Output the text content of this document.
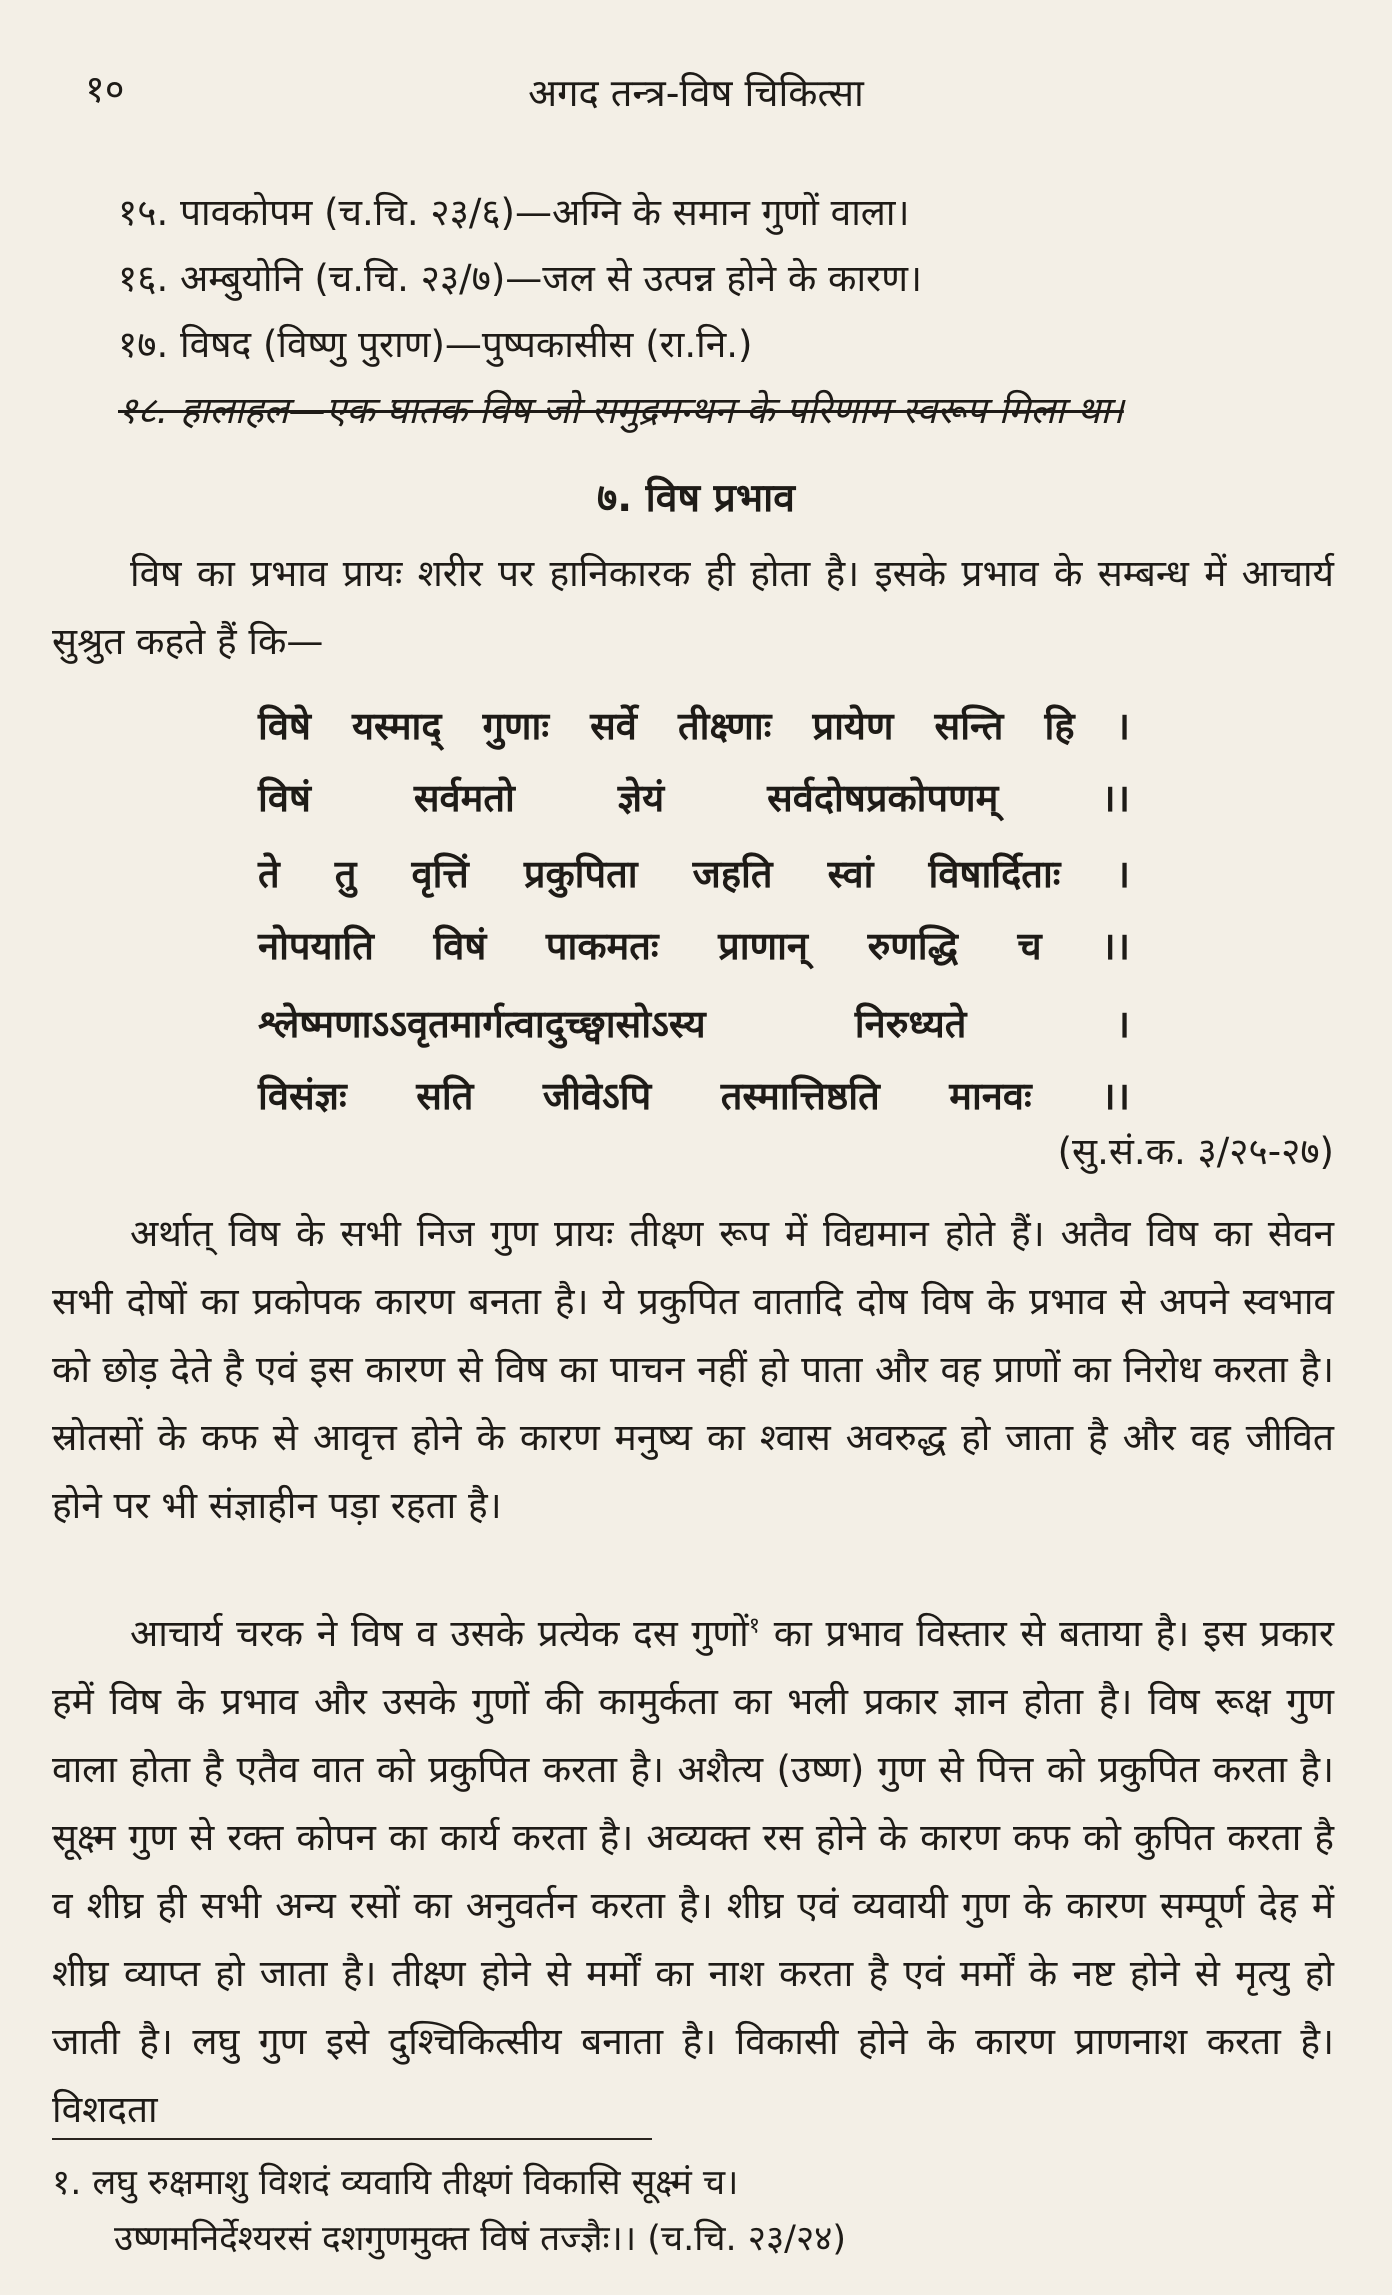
१०	अगद तन्त्र-विष चिकित्सा
१५. पावकोपम (च.चि. २३/६)—अग्नि के समान गुणों वाला।
१६. अम्बुयोनि (च.चि. २३/७)—जल से उत्पन्न होने के कारण।
१७. विषद (विष्णु पुराण)—पुष्पकासीस (रा.नि.)
१८. हालाहल—एक घातक विष जो समुद्रमन्थन के परिणाम स्वरूप मिला था।
७. विष प्रभाव

विष का प्रभाव प्रायः शरीर पर हानिकारक ही होता है। इसके प्रभाव के सम्बन्ध में आचार्य सुश्रुत कहते हैं कि—

विषे यस्माद् गुणाः सर्वे तीक्ष्णाः प्रायेण सन्ति हि ।
विषं सर्वमतो ज्ञेयं सर्वदोषप्रकोपणम् ।।
ते तु वृत्तिं प्रकुपिता जहति स्वां विषार्दिताः ।
नोपयाति विषं पाकमतः प्राणान् रुणद्धि च ।।
श्लेष्मणाऽऽवृतमार्गत्वादुच्छ्वासोऽस्य निरुध्यते ।
विसंज्ञः सति जीवेऽपि तस्मात्तिष्ठति मानवः ।।
(सु.सं.क. ३/२५-२७)

अर्थात् विष के सभी निज गुण प्रायः तीक्ष्ण रूप में विद्यमान होते हैं। अतैव विष का सेवन सभी दोषों का प्रकोपक कारण बनता है। ये प्रकुपित वातादि दोष विष के प्रभाव से अपने स्वभाव को छोड़ देते है एवं इस कारण से विष का पाचन नहीं हो पाता और वह प्राणों का निरोध करता है। स्रोतसों के कफ से आवृत्त होने के कारण मनुष्य का श्वास अवरुद्ध हो जाता है और वह जीवित होने पर भी संज्ञाहीन पड़ा रहता है।

आचार्य चरक ने विष व उसके प्रत्येक दस गुणों$^१$ का प्रभाव विस्तार से बताया है। इस प्रकार हमें विष के प्रभाव और उसके गुणों की कामुर्कता का भली प्रकार ज्ञान होता है। विष रूक्ष गुण वाला होता है एतैव वात को प्रकुपित करता है। अशैत्य (उष्ण) गुण से पित्त को प्रकुपित करता है। सूक्ष्म गुण से रक्त कोपन का कार्य करता है। अव्यक्त रस होने के कारण कफ को कुपित करता है व शीघ्र ही सभी अन्य रसों का अनुवर्तन करता है। शीघ्र एवं व्यवायी गुण के कारण सम्पूर्ण देह में शीघ्र व्याप्त हो जाता है। तीक्ष्ण होने से मर्मों का नाश करता है एवं मर्मों के नष्ट होने से मृत्यु हो जाती है। लघु गुण इसे दुश्चिकित्सीय बनाता है। विकासी होने के कारण प्राणनाश करता है। विशदता

१. लघु रुक्षमाशु विशदं व्यवायि तीक्ष्णं विकासि सूक्ष्मं च।
उष्णमनिर्देश्यरसं दशगुणमुक्त विषं तज्ज्ञैः।। (च.चि. २३/२४)
